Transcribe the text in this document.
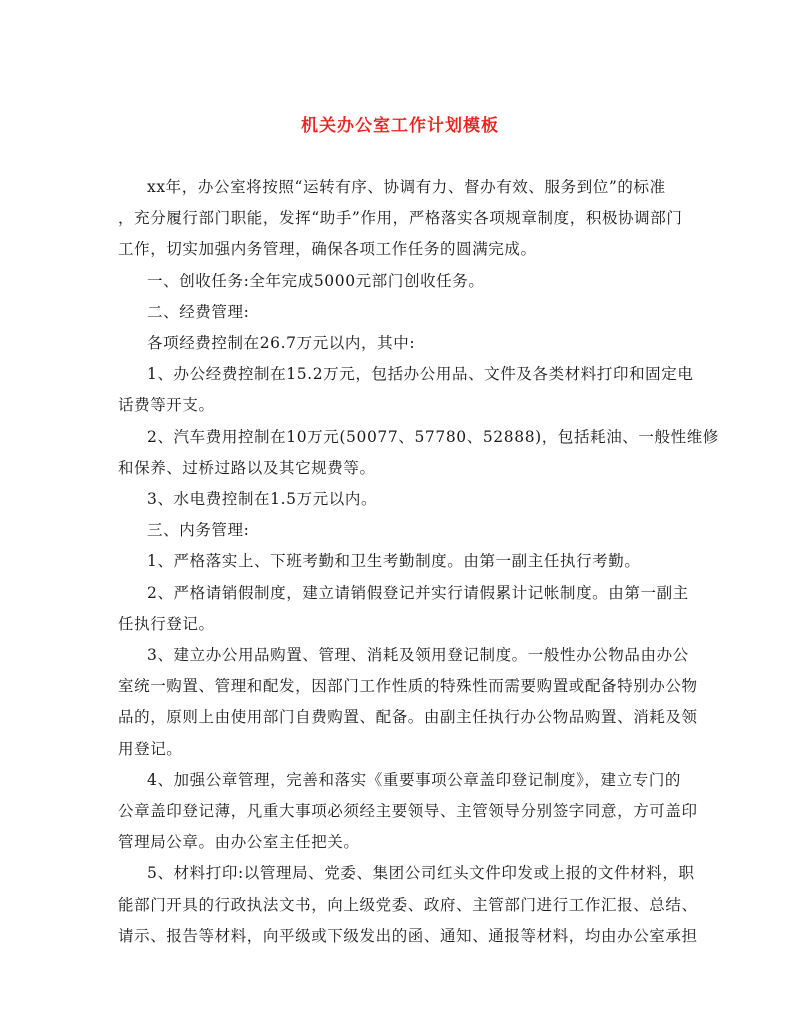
机关办公室工作计划模板
xx年，办公室将按照“运转有序、协调有力、督办有效、服务到位”的标准
，充分履行部门职能，发挥“助手”作用，严格落实各项规章制度，积极协调部门
工作，切实加强内务管理，确保各项工作任务的圆满完成。
一、创收任务:全年完成5000元部门创收任务。
二、经费管理:
各项经费控制在26.7万元以内，其中:
1、办公经费控制在15.2万元，包括办公用品、文件及各类材料打印和固定电
话费等开支。
2、汽车费用控制在10万元(50077、57780、52888)，包括耗油、一般性维修
和保养、过桥过路以及其它规费等。
3、水电费控制在1.5万元以内。
三、内务管理:
1、严格落实上、下班考勤和卫生考勤制度。由第一副主任执行考勤。
2、严格请销假制度，建立请销假登记并实行请假累计记帐制度。由第一副主
任执行登记。
3、建立办公用品购置、管理、消耗及领用登记制度。一般性办公物品由办公
室统一购置、管理和配发，因部门工作性质的特殊性而需要购置或配备特别办公物
品的，原则上由使用部门自费购置、配备。由副主任执行办公物品购置、消耗及领
用登记。
4、加强公章管理，完善和落实《重要事项公章盖印登记制度》，建立专门的
公章盖印登记薄，凡重大事项必须经主要领导、主管领导分别签字同意，方可盖印
管理局公章。由办公室主任把关。
5、材料打印:以管理局、党委、集团公司红头文件印发或上报的文件材料，职
能部门开具的行政执法文书，向上级党委、政府、主管部门进行工作汇报、总结、
请示、报告等材料，向平级或下级发出的函、通知、通报等材料，均由办公室承担
